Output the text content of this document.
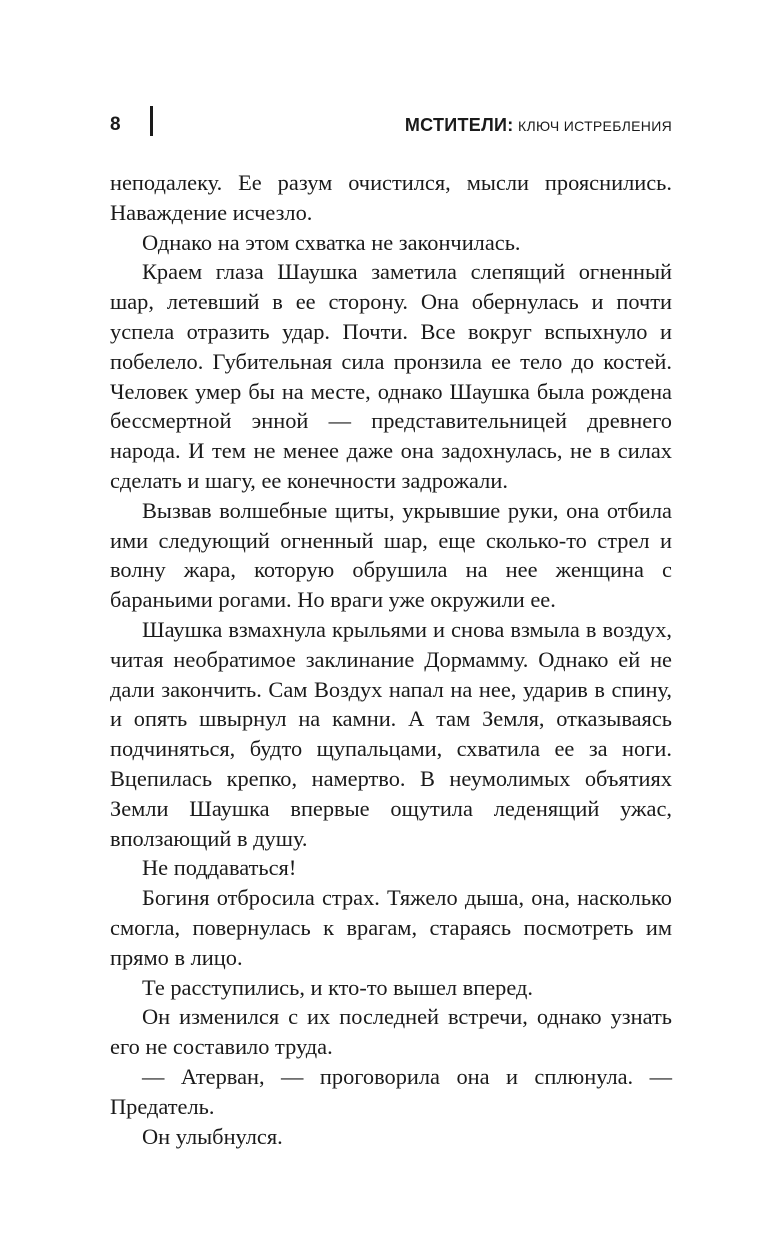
8	МСТИТЕЛИ: КЛЮЧ ИСТРЕБЛЕНИЯ

неподалеку. Ее разум очистился, мысли прояснились. Наваждение исчезло.

Однако на этом схватка не закончилась.

Краем глаза Шаушка заметила слепящий огненный шар, летевший в ее сторону. Она обернулась и почти успела отразить удар. Почти. Все вокруг вспыхнуло и побелело. Губительная сила пронзила ее тело до костей. Человек умер бы на месте, однако Шаушка была рождена бессмертной энной — представительницей древнего народа. И тем не менее даже она задохнулась, не в силах сделать и шагу, ее конечности задрожали.

Вызвав волшебные щиты, укрывшие руки, она отбила ими следующий огненный шар, еще сколько-то стрел и волну жара, которую обрушила на нее женщина с бараньими рогами. Но враги уже окружили ее.

Шаушка взмахнула крыльями и снова взмыла в воздух, читая необратимое заклинание Дормамму. Однако ей не дали закончить. Сам Воздух напал на нее, ударив в спину, и опять швырнул на камни. А там Земля, отказываясь подчиняться, будто щупальцами, схватила ее за ноги. Вцепилась крепко, намертво. В неумолимых объятиях Земли Шаушка впервые ощутила леденящий ужас, вползающий в душу.

Не поддаваться!

Богиня отбросила страх. Тяжело дыша, она, насколько смогла, повернулась к врагам, стараясь посмотреть им прямо в лицо.

Те расступились, и кто-то вышел вперед.

Он изменился с их последней встречи, однако узнать его не составило труда.

— Атерван, — проговорила она и сплюнула. — Предатель.

Он улыбнулся.
